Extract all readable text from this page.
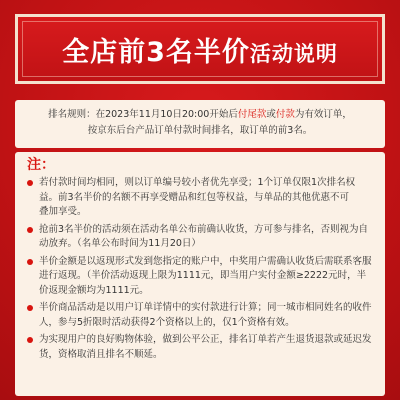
全店前3名半价活动说明
排名规则：在2023年11月10日20:00开始后付尾款或付款为有效订单，
按京东后台产品订单付款时间排名，取订单的前3名。
注：
若付款时间均相同，则以订单编号较小者优先享受；1个订单仅限1次排名权益。前3名半价的名额不再享受赠品和红包等权益，与单品的其他优惠不可
叠加享受。
抢前3名半价的活动须在活动名单公布前确认收货，方可参与排名，否则视为自动放弃。（名单公布时间为11月20日）
半价金额是以返现形式发到您指定的账户中，中奖用户需确认收货后需联系客服进行返现。（半价活动返现上限为1111元，即当用户实付金额≥2222元时，半价返现金额均为1111元。
半价商品活动是以用户订单详情中的实付款进行计算；同一城市相同姓名的收件人，参与5折限时活动获得2个资格以上的，仅1个资格有效。
为实现用户的良好购物体验，做到公平公正，排名订单若产生退货退款或延迟发货，资格取消且排名不顺延。
